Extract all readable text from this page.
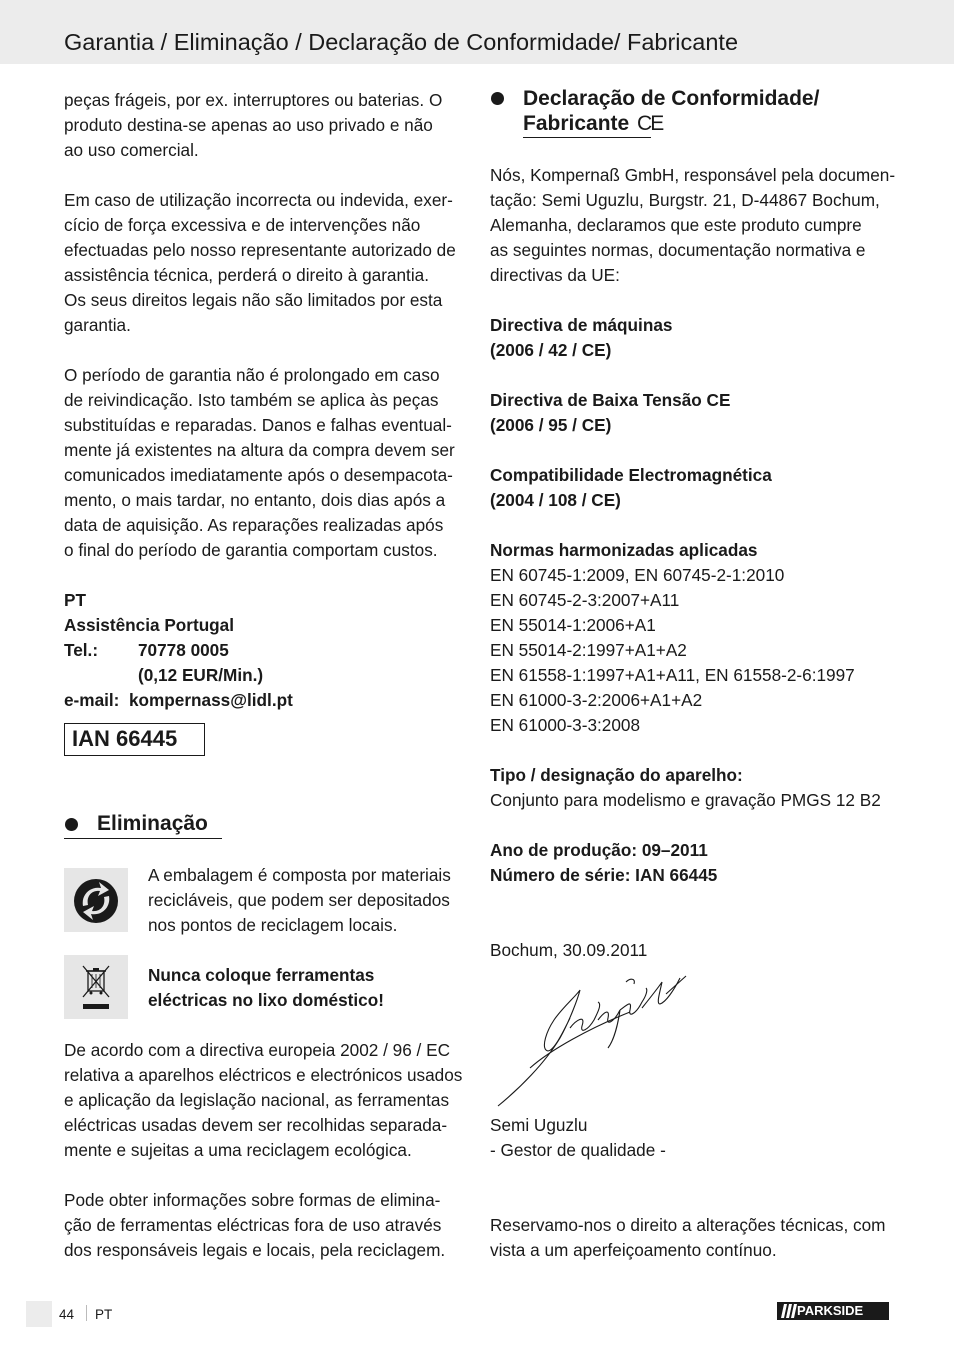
Garantia / Eliminação / Declaração de Conformidade/ Fabricante
peças frágeis, por ex. interruptores ou baterias. O
produto destina-se apenas ao uso privado e não
ao uso comercial.
Em caso de utilização incorrecta ou indevida, exer-
cício de força excessiva e de intervenções não
efectuadas pelo nosso representante autorizado de
assistência técnica, perderá o direito à garantia.
Os seus direitos legais não são limitados por esta
garantia.
O período de garantia não é prolongado em caso
de reivindicação. Isto também se aplica às peças
substituídas e reparadas. Danos e falhas eventual-
mente já existentes na altura da compra devem ser
comunicados imediatamente após o desempacota-
mento, o mais tardar, no entanto, dois dias após a
data de aquisição. As reparações realizadas após
o final do período de garantia comportam custos.
PT
Assistência Portugal
Tel.: 70778 0005
(0,12 EUR/Min.)
e-mail: kompernass@lidl.pt
IAN 66445
Eliminação
A embalagem é composta por materiais
recicláveis, que podem ser depositados
nos pontos de reciclagem locais.
Nunca coloque ferramentas
eléctricas no lixo doméstico!
De acordo com a directiva europeia 2002 / 96 / EC
relativa a aparelhos eléctricos e electrónicos usados
e aplicação da legislação nacional, as ferramentas
eléctricas usadas devem ser recolhidas separada-
mente e sujeitas a uma reciclagem ecológica.
Pode obter informações sobre formas de elimina-
ção de ferramentas eléctricas fora de uso através
dos responsáveis legais e locais, pela reciclagem.
Declaração de Conformidade/
Fabricante CE
Nós, Kompernaß GmbH, responsável pela documen-
tação: Semi Uguzlu, Burgstr. 21, D-44867 Bochum,
Alemanha, declaramos que este produto cumpre
as seguintes normas, documentação normativa e
directivas da UE:
Directiva de máquinas
(2006 / 42 / CE)
Directiva de Baixa Tensão CE
(2006 / 95 / CE)
Compatibilidade Electromagnética
(2004 / 108 / CE)
Normas harmonizadas aplicadas
EN 60745-1:2009, EN 60745-2-1:2010
EN 60745-2-3:2007+A11
EN 55014-1:2006+A1
EN 55014-2:1997+A1+A2
EN 61558-1:1997+A1+A11, EN 61558-2-6:1997
EN 61000-3-2:2006+A1+A2
EN 61000-3-3:2008
Tipo / designação do aparelho:
Conjunto para modelismo e gravação PMGS 12 B2
Ano de produção: 09–2011
Número de série: IAN 66445
Bochum, 30.09.2011
Semi Uguzlu
- Gestor de qualidade -
Reservamo-nos o direito a alterações técnicas, com
vista a um aperfeiçoamento contínuo.
44 PT	PARKSIDE
